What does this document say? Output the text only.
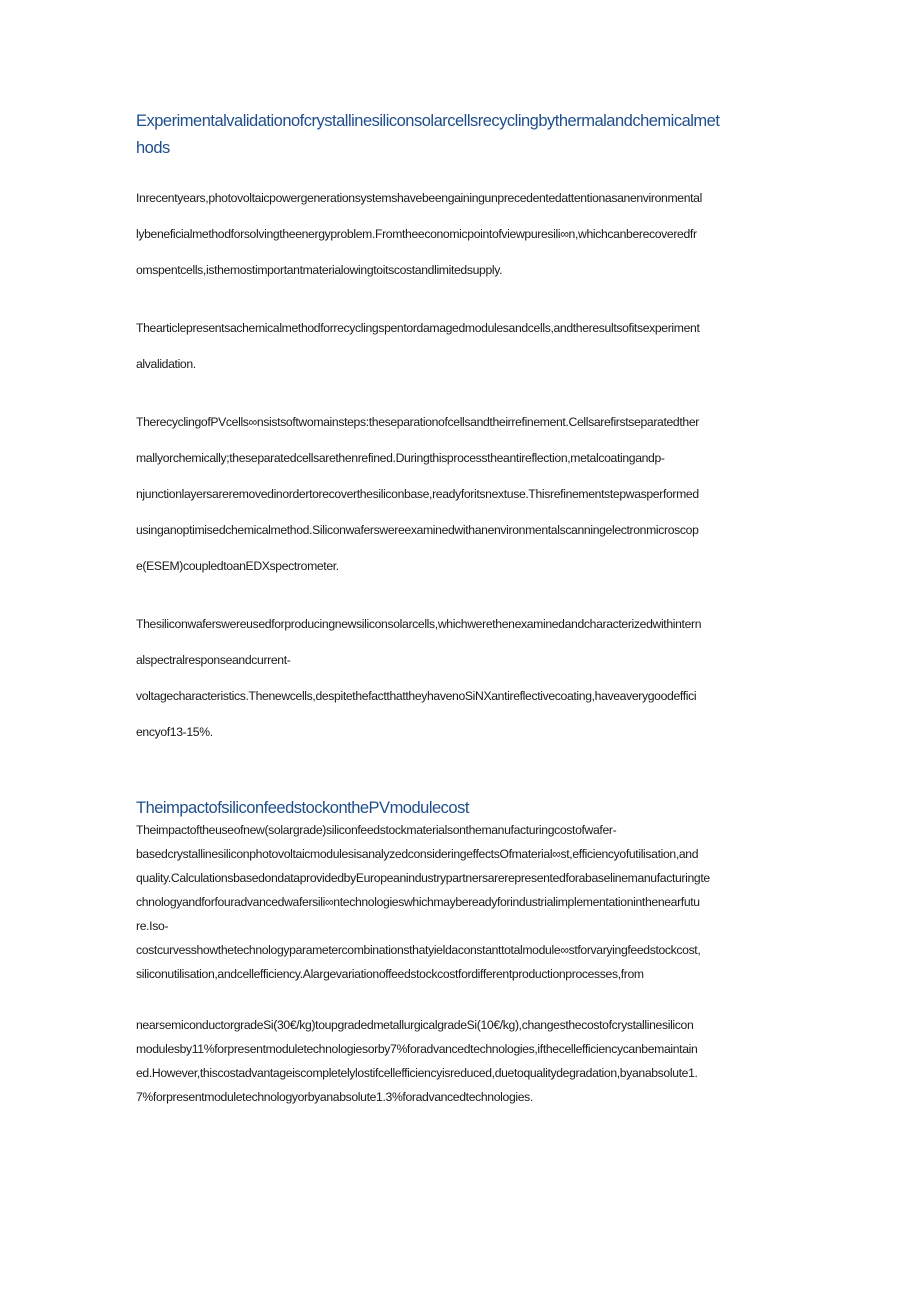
Experimentalvalidationofcrystallinesiliconsolarcellsrecyclingbythermalandchemicalmet
hods
Inrecentyears,photovoltaicpowergenerationsystemshavebeengainingunprecedentedattentionasanenvironmental
lybeneficialmethodforsolvingtheenergyproblem.Fromtheeconomicpointofviewpuresili∞n,whichcanberecoveredfr
omspentcells,isthemostimportantmaterialowingtoitscostandlimitedsupply.
Thearticlepresentsachemicalmethodforrecyclingspentordamagedmodulesandcells,andtheresultsofitsexperiment
alvalidation.
TherecyclingofPVcells∞nsistsoftwomainsteps:theseparationofcellsandtheirrefinement.Cellsarefirstseparatedther
mallyorchemically;theseparatedcellsarethenrefined.Duringthisprocesstheantireflection,metalcoatingandp-
njunctionlayersareremovedinordertorecoverthesiliconbase,readyforitsnextuse.Thisrefinementstepwasperformed
usinganoptimisedchemicalmethod.Siliconwaferswereexaminedwithanenvironmentalscanningelectronmicroscop
e(ESEM)coupledtoanEDXspectrometer.
Thesiliconwaferswereusedforproducingnewsiliconsolarcells,whichwerethenexaminedandcharacterizedwithintern
alspectralresponseandcurrent-
voltagecharacteristics.Thenewcells,despitethefactthattheyhavenoSiNXantireflectivecoating,haveaverygoodeffici
encyof13-15%.
TheimpactofsiliconfeedstockonthePVmodulecost
Theimpactoftheuseofnew(solargrade)siliconfeedstockmaterialsonthemanufacturingcostofwafer-
basedcrystallinesiliconphotovoltaicmodulesisanalyzedconsideringeffectsOfmaterial∞st,efficiencyofutilisation,and
quality.CalculationsbasedondataprovidedbyEuropeanindustrypartnersarerepresentedforabaselinemanufacturingte
chnologyandforfouradvancedwafersili∞ntechnologieswhichmaybereadyforindustrialimplementationinthenearfutu
re.Iso-
costcurvesshowthetechnologyparametercombinationsthatyieldaconstanttotalmodule∞stforvaryingfeedstockcost,
siliconutilisation,andcellefficiency.Alargevariationoffeedstockcostfordifferentproductionprocesses,from
nearsemiconductorgradeSi(30€/kg)toupgradedmetallurgicalgradeSi(10€/kg),changesthecostofcrystallinesilicon
modulesby11%forpresentmoduletechnologiesorby7%foradvancedtechnologies,ifthecellefficiencycanbemaintain
ed.However,thiscostadvantageiscompletelylostifcellefficiencyisreduced,duetoqualitydegradation,byanabsolute1.
7%forpresentmoduletechnologyorbyanabsolute1.3%foradvancedtechnologies.
